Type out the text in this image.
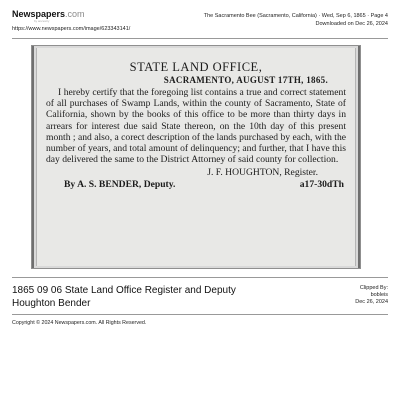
Newspapers.com
by ancestry
https://www.newspapers.com/image/623343141/
The Sacramento Bee (Sacramento, California) · Wed, Sep 6, 1865 · Page 4
Downloaded on Dec 26, 2024
STATE LAND OFFICE,
SACRAMENTO, AUGUST 17TH, 1865.
I hereby certify that the foregoing list contains a true and correct statement of all purchases of Swamp Lands, within the county of Sacramento, State of California, shown by the books of this office to be more than thirty days in arrears for interest due said State thereon, on the 10th day of this present month ; and also, a corect description of the lands purchased by each, with the number of years, and total amount of delinquency; and further, that I have this day delivered the same to the District Attorney of said county for collection.
J. F. HOUGHTON, Register.
By A. S. BENDER, Deputy.	a17-30dTh
1865 09 06 State Land Office Register and Deputy Houghton Bender
Clipped By:
bobleis
Dec 26, 2024
Copyright © 2024 Newspapers.com. All Rights Reserved.
